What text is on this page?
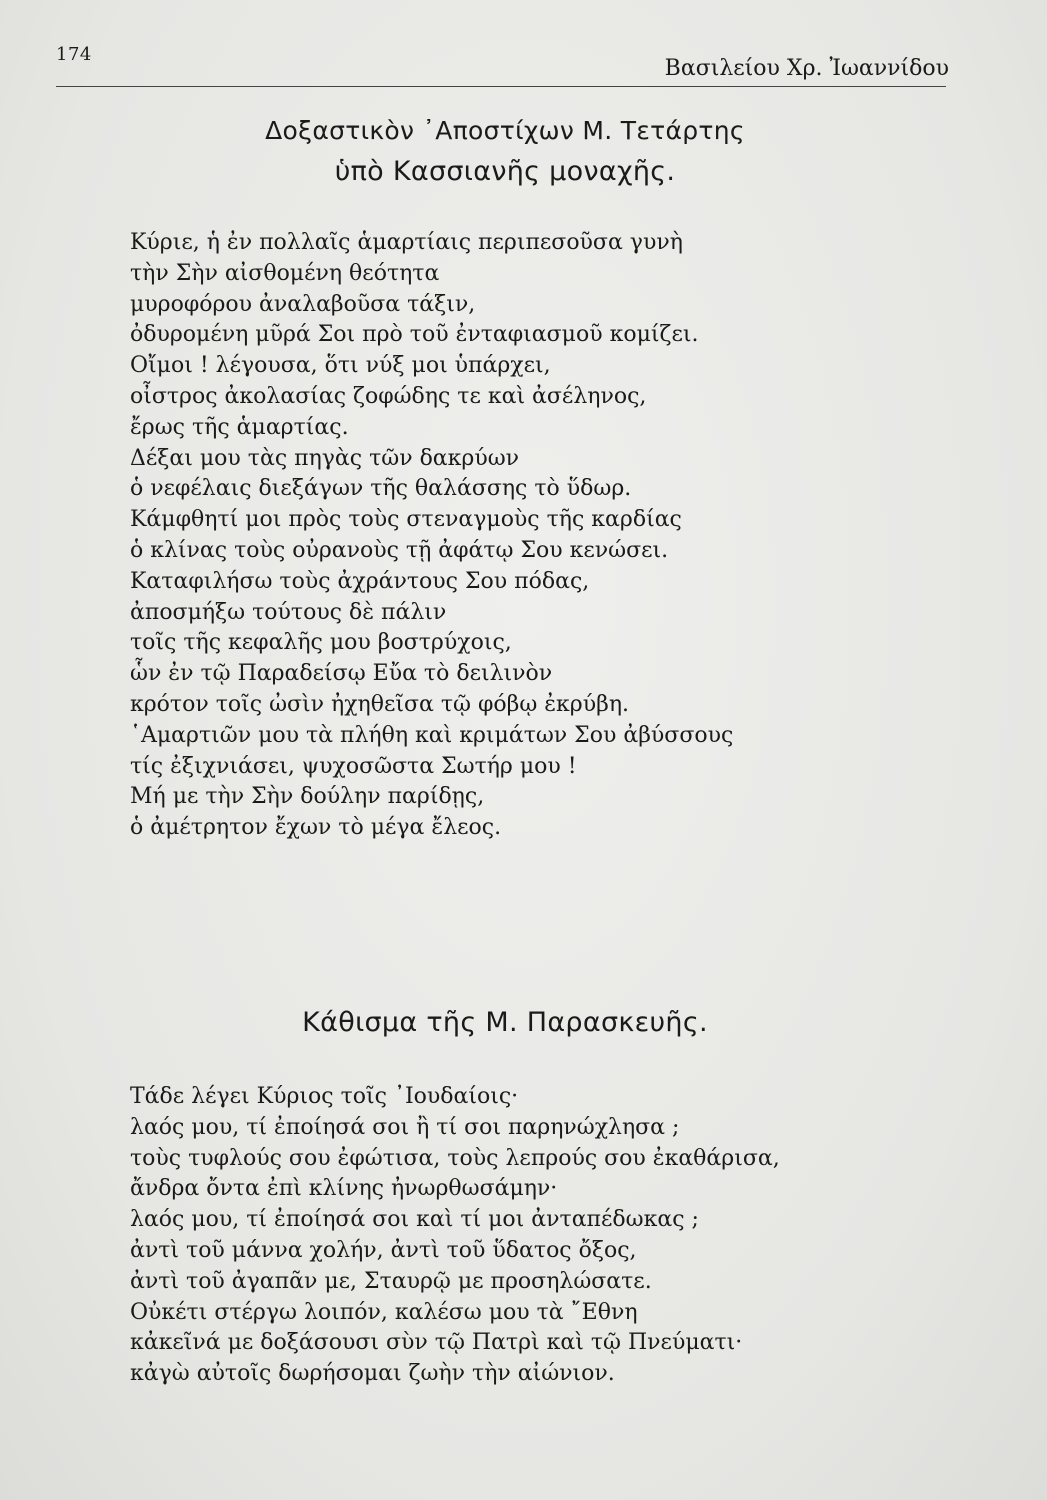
174
Βασιλείου Χρ. Ἰωαννίδου
Δοξαστικὸν ᾿Αποστίχων Μ. Τετάρτης
ὑπὸ Κασσιανῆς μοναχῆς.
Κύριε, ἡ ἐν πολλαῖς ἁμαρτίαις περιπεσοῦσα γυνὴ
τὴν Σὴν αἰσθομένη θεότητα
μυροφόρου ἀναλαβοῦσα τάξιν,
ὀδυρομένη μῦρά Σοι πρὸ τοῦ ἐνταφιασμοῦ κομίζει.
Οἴμοι ! λέγουσα, ὅτι νύξ μοι ὑπάρχει,
οἶστρος ἀκολασίας ζοφώδης τε καὶ ἀσέληνος,
ἔρως τῆς ἁμαρτίας.
Δέξαι μου τὰς πηγὰς τῶν δακρύων
ὁ νεφέλαις διεξάγων τῆς θαλάσσης τὸ ὕδωρ.
Κάμφθητί μοι πρὸς τοὺς στεναγμοὺς τῆς καρδίας
ὁ κλίνας τοὺς οὐρανοὺς τῇ ἀφάτῳ Σου κενώσει.
Καταφιλήσω τοὺς ἀχράντους Σου πόδας,
ἀποσμήξω τούτους δὲ πάλιν
τοῖς τῆς κεφαλῆς μου βοστρύχοις,
ὧν ἐν τῷ Παραδείσῳ Εὔα τὸ δειλινὸν
κρότον τοῖς ὠσὶν ἠχηθεῖσα τῷ φόβῳ ἐκρύβη.
῾Αμαρτιῶν μου τὰ πλήθη καὶ κριμάτων Σου ἀβύσσους
τίς ἐξιχνιάσει, ψυχοσῶστα Σωτήρ μου !
Μή με τὴν Σὴν δούλην παρίδῃς,
ὁ ἀμέτρητον ἔχων τὸ μέγα ἔλεος.
Κάθισμα τῆς Μ. Παρασκευῆς.
Τάδε λέγει Κύριος τοῖς ᾿Ιουδαίοις·
λαός μου, τί ἐποίησά σοι ἢ τί σοι παρηνώχλησα ;
τοὺς τυφλούς σου ἐφώτισα, τοὺς λεπρούς σου ἐκαθάρισα,
ἄνδρα ὄντα ἐπὶ κλίνης ἠνωρθωσάμην·
λαός μου, τί ἐποίησά σοι καὶ τί μοι ἀνταπέδωκας ;
ἀντὶ τοῦ μάννα χολήν, ἀντὶ τοῦ ὕδατος ὄξος,
ἀντὶ τοῦ ἀγαπᾶν με, Σταυρῷ με προσηλώσατε.
Οὐκέτι στέργω λοιπόν, καλέσω μου τὰ ῎Εθνη
κἀκεῖνά με δοξάσουσι σὺν τῷ Πατρὶ καὶ τῷ Πνεύματι·
κἀγὼ αὐτοῖς δωρήσομαι ζωὴν τὴν αἰώνιον.
